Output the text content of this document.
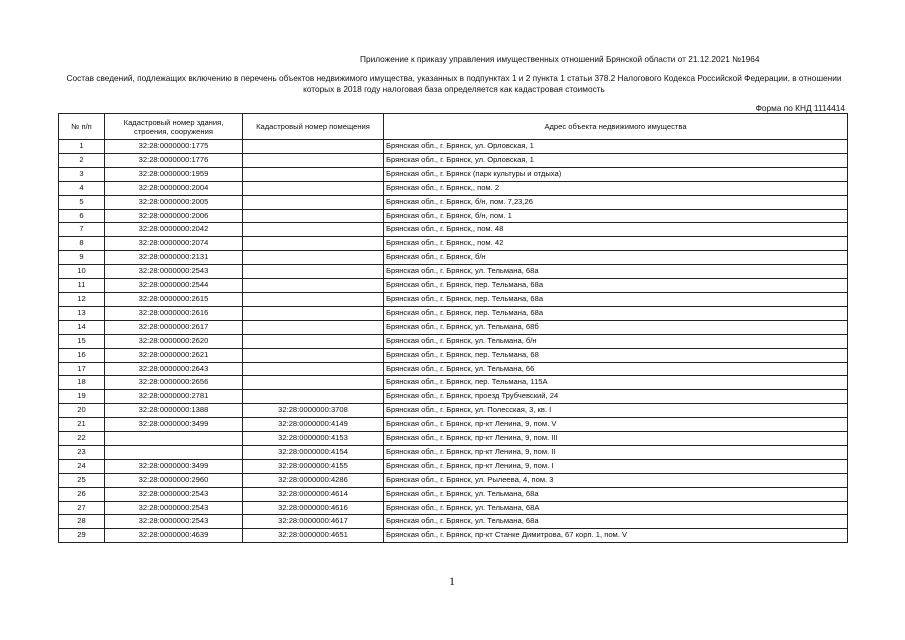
Приложение к приказу управления имущественных отношений Брянской области от 21.12.2021 №1964
Состав сведений, подлежащих включению в перечень объектов недвижимого имущества, указанных в подпунктах 1 и 2 пункта 1 статьи 378.2 Налогового Кодекса Российской Федерации, в отношении которых в 2018 году налоговая база определяется как кадастровая стоимость
Форма по КНД 1114414
№ п/п	Кадастровый номер здания, строения, сооружения	Кадастровый номер помещения	Адрес объекта недвижимого имущества
1	32:28:0000000:1775		Брянская обл., г. Брянск, ул. Орловская, 1
2	32:28:0000000:1776		Брянская обл., г. Брянск, ул. Орловская, 1
3	32:28:0000000:1959		Брянская обл., г. Брянск (парк культуры и отдыха)
4	32:28:0000000:2004		Брянская обл., г. Брянск,, пом. 2
5	32:28:0000000:2005		Брянская обл., г. Брянск, б/н, пом. 7,23,26
6	32:28:0000000:2006		Брянская обл., г. Брянск, б/н, пом. 1
7	32:28:0000000:2042		Брянская обл., г. Брянск,, пом. 48
8	32:28:0000000:2074		Брянская обл., г. Брянск,, пом. 42
9	32:28:0000000:2131		Брянская обл., г. Брянск, б/н
10	32:28:0000000:2543		Брянская обл., г. Брянск, ул. Тельмана, 68а
11	32:28:0000000:2544		Брянская обл., г. Брянск, пер. Тельмана, 68а
12	32:28:0000000:2615		Брянская обл., г. Брянск, пер. Тельмана, 68а
13	32:28:0000000:2616		Брянская обл., г. Брянск, пер. Тельмана, 68а
14	32:28:0000000:2617		Брянская обл., г. Брянск, ул. Тельмана, 68б
15	32:28:0000000:2620		Брянская обл., г. Брянск, ул. Тельмана, б/н
16	32:28:0000000:2621		Брянская обл., г. Брянск, пер. Тельмана, 68
17	32:28:0000000:2643		Брянская обл., г. Брянск, ул. Тельмана, 66
18	32:28:0000000:2656		Брянская обл., г. Брянск, пер. Тельмана, 115А
19	32:28:0000000:2781		Брянская обл., г. Брянск, проезд Трубчевский, 24
20	32:28:0000000:1388	32:28:0000000:3708	Брянская обл., г. Брянск, ул. Полесская, 3, кв. I
21	32:28:0000000:3499	32:28:0000000:4149	Брянская обл., г. Брянск, пр-кт Ленина, 9, пом. V
22		32:28:0000000:4153	Брянская обл., г. Брянск, пр-кт Ленина, 9, пом. III
23		32:28:0000000:4154	Брянская обл., г. Брянск, пр-кт Ленина, 9, пом. II
24	32:28:0000000:3499	32:28:0000000:4155	Брянская обл., г. Брянск, пр-кт Ленина, 9, пом. I
25	32:28:0000000:2960	32:28:0000000:4286	Брянская обл., г. Брянск, ул. Рылеева, 4, пом. 3
26	32:28:0000000:2543	32:28:0000000:4614	Брянская обл., г. Брянск, ул. Тельмана, 68а
27	32:28:0000000:2543	32:28:0000000:4616	Брянская обл., г. Брянск, ул. Тельмана, 68А
28	32:28:0000000:2543	32:28:0000000:4617	Брянская обл., г. Брянск, ул. Тельмана, 68а
29	32:28:0000000:4639	32:28:0000000:4651	Брянская обл., г. Брянск, пр-кт Станке Димитрова, 67 корп. 1, пом. V
1
